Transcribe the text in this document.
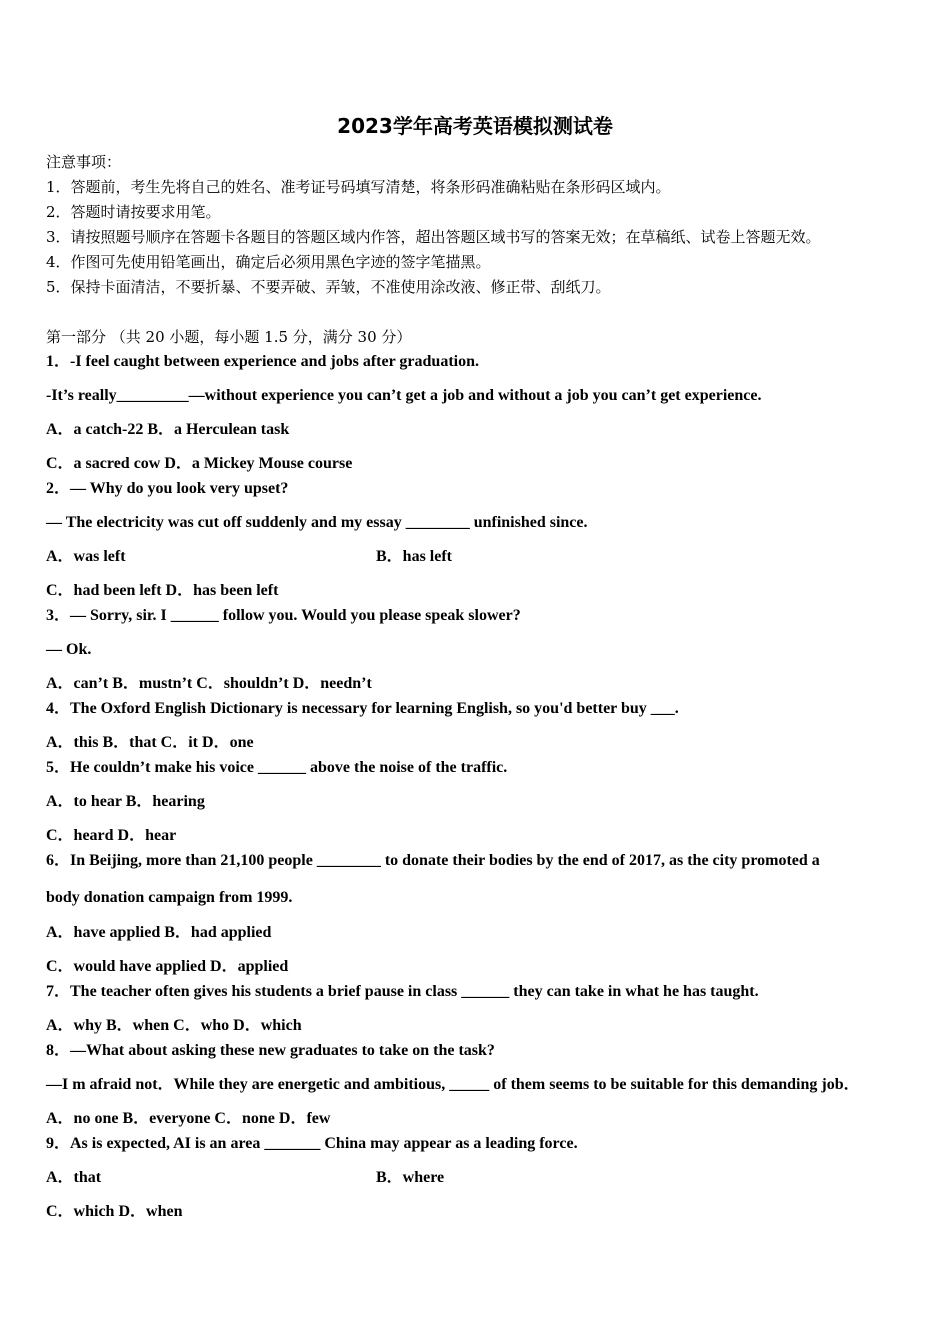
2023学年高考英语模拟测试卷
注意事项：
1．答题前，考生先将自己的姓名、准考证号码填写清楚，将条形码准确粘贴在条形码区域内。
2．答题时请按要求用笔。
3．请按照题号顺序在答题卡各题目的答题区域内作答，超出答题区域书写的答案无效；在草稿纸、试卷上答题无效。
4．作图可先使用铅笔画出，确定后必须用黑色字迹的签字笔描黑。
5．保持卡面清洁，不要折暴、不要弄破、弄皱，不准使用涂改液、修正带、刮纸刀。
第一部分 （共 20 小题，每小题 1.5 分，满分 30 分）
1．-I feel caught between experience and jobs after graduation.
-It’s really_________—without experience you can’t get a job and without a job you can’t get experience.
A．a catch-22 B．a Herculean task
C．a sacred cow D．a Mickey Mouse course
2．— Why do you look very upset?
— The electricity was cut off suddenly and my essay ________ unfinished since.
A．was left	B．has left
C．had been left D．has been left
3．— Sorry, sir. I ______ follow you. Would you please speak slower?
— Ok.
A．can’t B．mustn’t C．shouldn’t D．needn’t
4．The Oxford English Dictionary is necessary for learning English, so you'd better buy ___.
A．this B．that C．it D．one
5．He couldn’t make his voice ______ above the noise of the traffic.
A．to hear B．hearing
C．heard D．hear
6．In Beijing, more than 21,100 people ________ to donate their bodies by the end of 2017, as the city promoted a
body donation campaign from 1999.
A．have applied B．had applied
C．would have applied D．applied
7．The teacher often gives his students a brief pause in class ______ they can take in what he has taught.
A．why B．when C．who D．which
8．—What about asking these new graduates to take on the task?
—I m afraid not．While they are energetic and ambitious, _____ of them seems to be suitable for this demanding job．
A．no one B．everyone C．none D．few
9．As is expected, AI is an area _______ China may appear as a leading force.
A．that	B．where
C．which D．when
